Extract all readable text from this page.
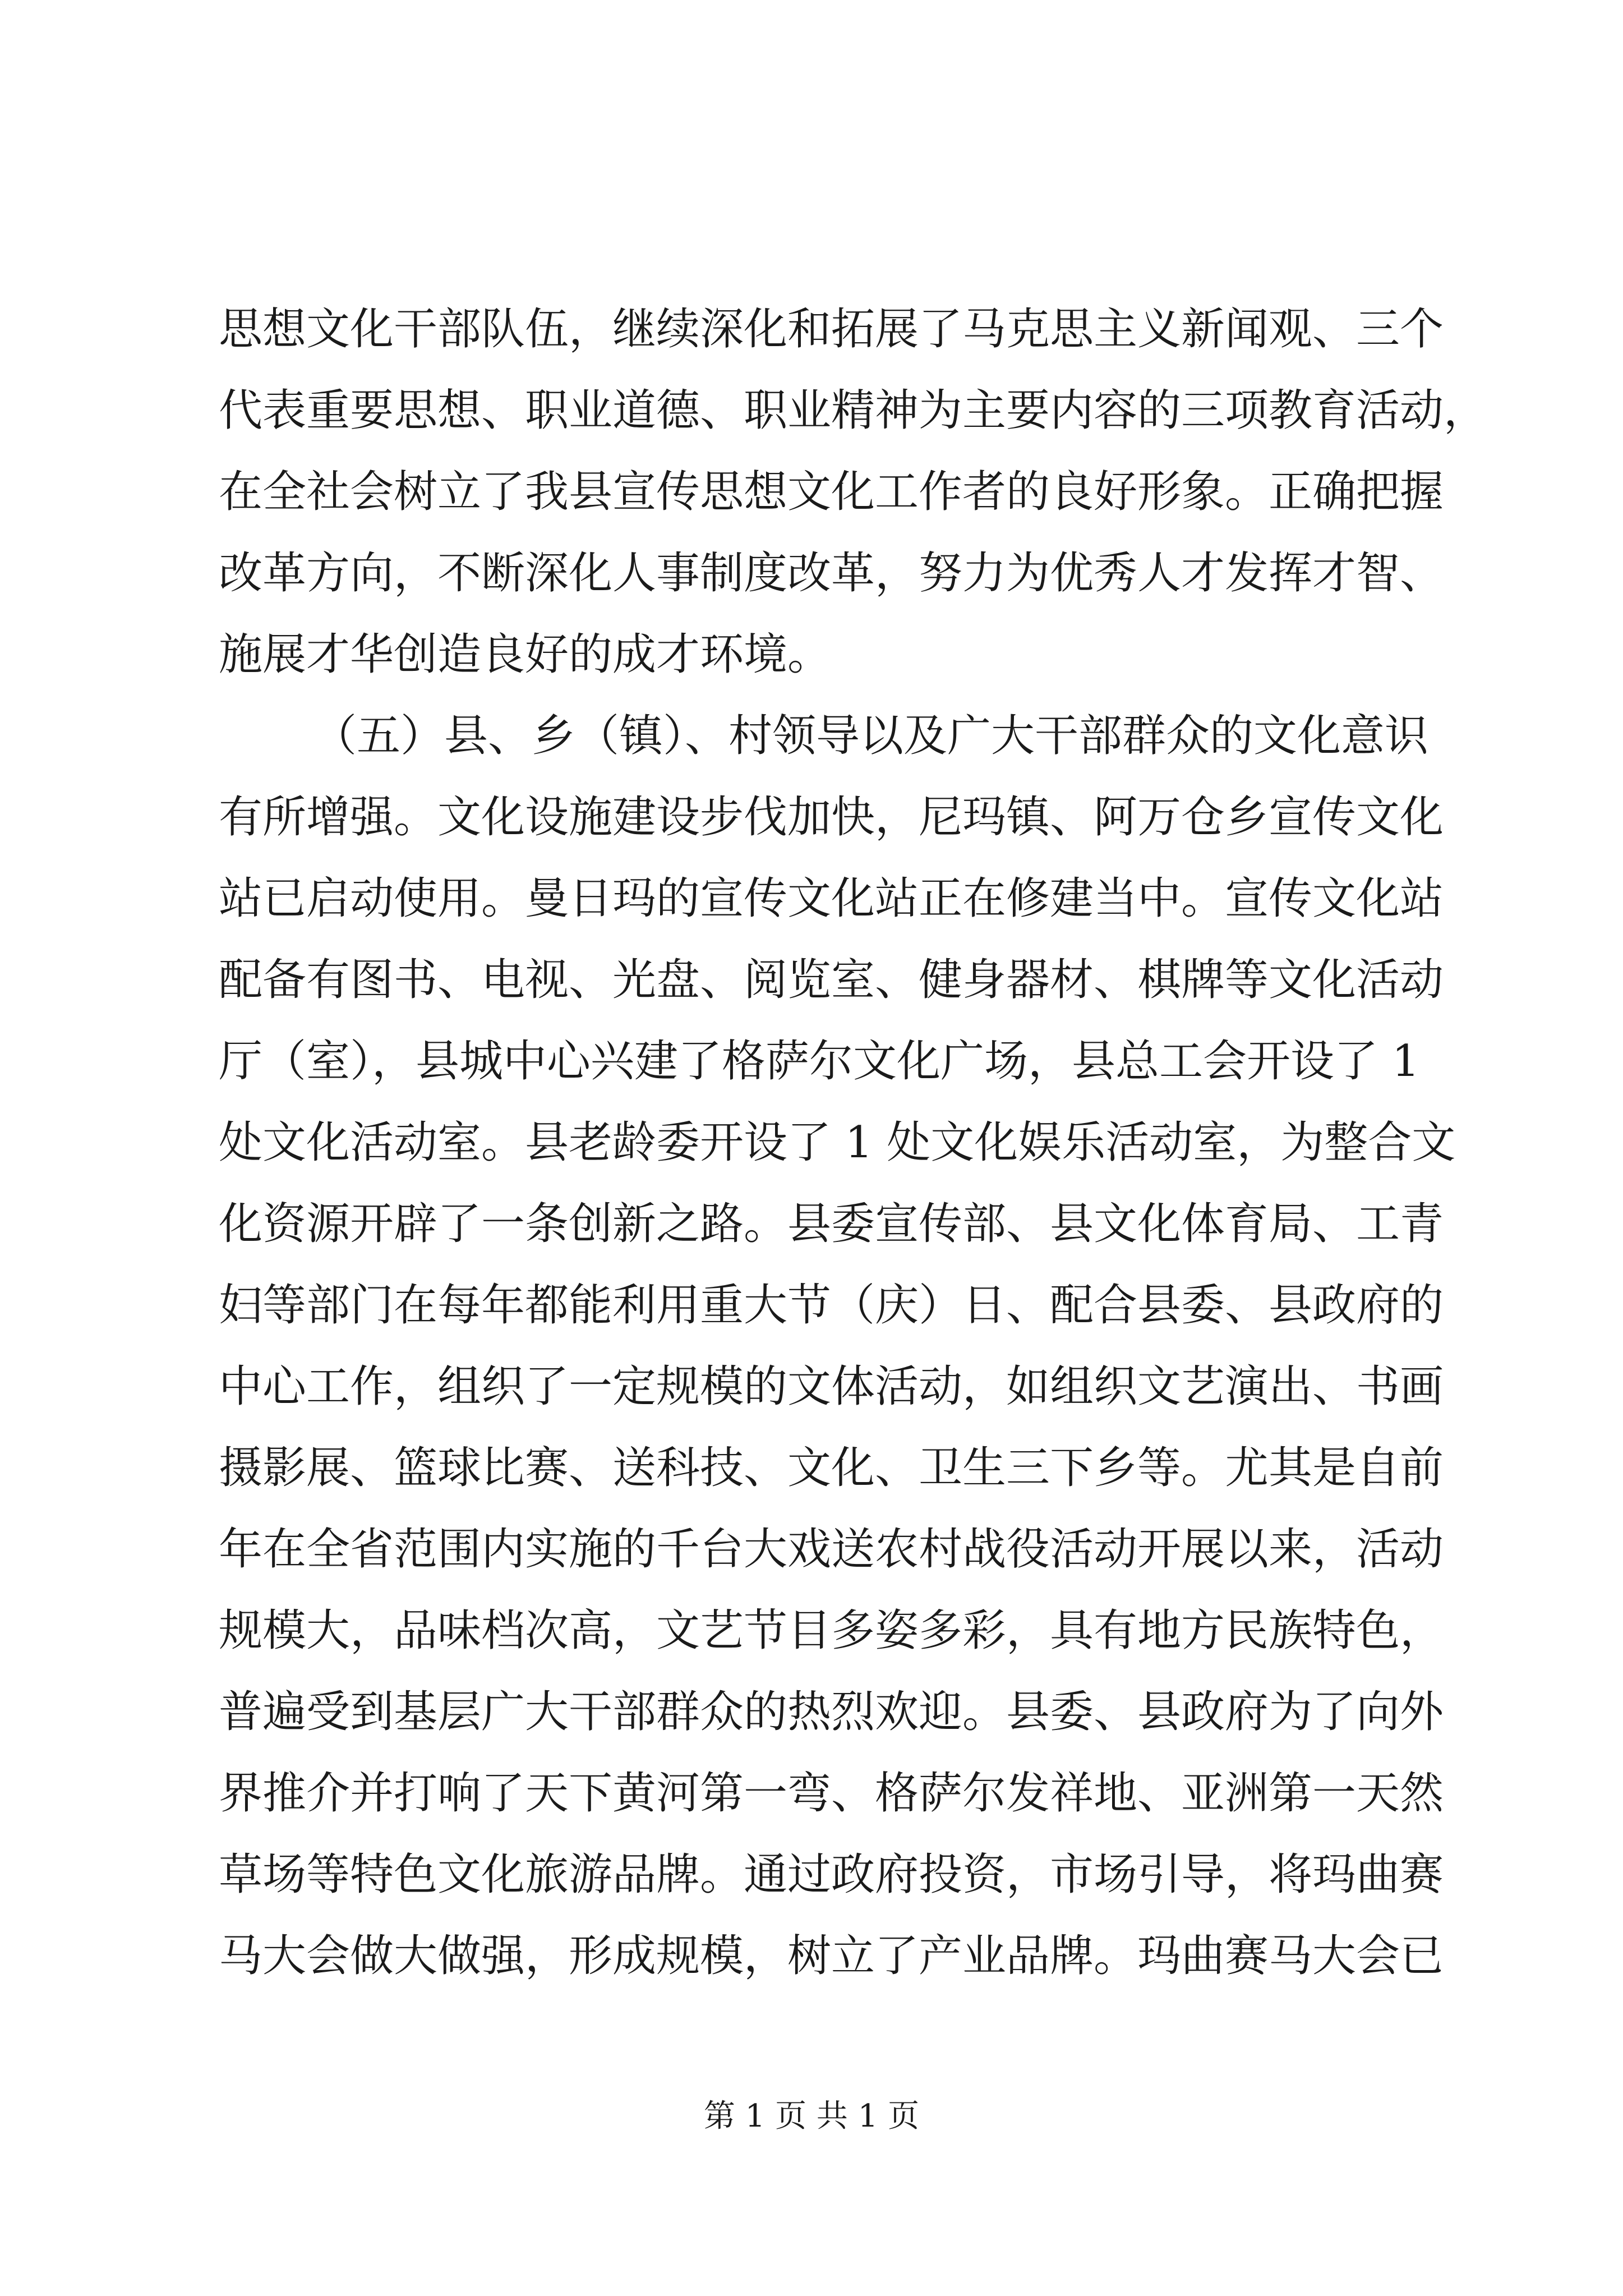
思想文化干部队伍，继续深化和拓展了马克思主义新闻观、三个
代表重要思想、职业道德、职业精神为主要内容的三项教育活动，
在全社会树立了我县宣传思想文化工作者的良好形象。正确把握
改革方向，不断深化人事制度改革，努力为优秀人才发挥才智、
施展才华创造良好的成才环境。
（五）县、乡（镇）、村领导以及广大干部群众的文化意识
有所增强。文化设施建设步伐加快，尼玛镇、阿万仓乡宣传文化
站已启动使用。曼日玛的宣传文化站正在修建当中。宣传文化站
配备有图书、电视、光盘、阅览室、健身器材、棋牌等文化活动
厅（室），县城中心兴建了格萨尔文化广场，县总工会开设了 1
处文化活动室。县老龄委开设了 1 处文化娱乐活动室，为整合文
化资源开辟了一条创新之路。县委宣传部、县文化体育局、工青
妇等部门在每年都能利用重大节（庆）日、配合县委、县政府的
中心工作，组织了一定规模的文体活动，如组织文艺演出、书画
摄影展、篮球比赛、送科技、文化、卫生三下乡等。尤其是自前
年在全省范围内实施的千台大戏送农村战役活动开展以来，活动
规模大，品味档次高，文艺节目多姿多彩，具有地方民族特色，
普遍受到基层广大干部群众的热烈欢迎。县委、县政府为了向外
界推介并打响了天下黄河第一弯、格萨尔发祥地、亚洲第一天然
草场等特色文化旅游品牌。通过政府投资，市场引导，将玛曲赛
马大会做大做强，形成规模，树立了产业品牌。玛曲赛马大会已
第 1 页 共 1 页
